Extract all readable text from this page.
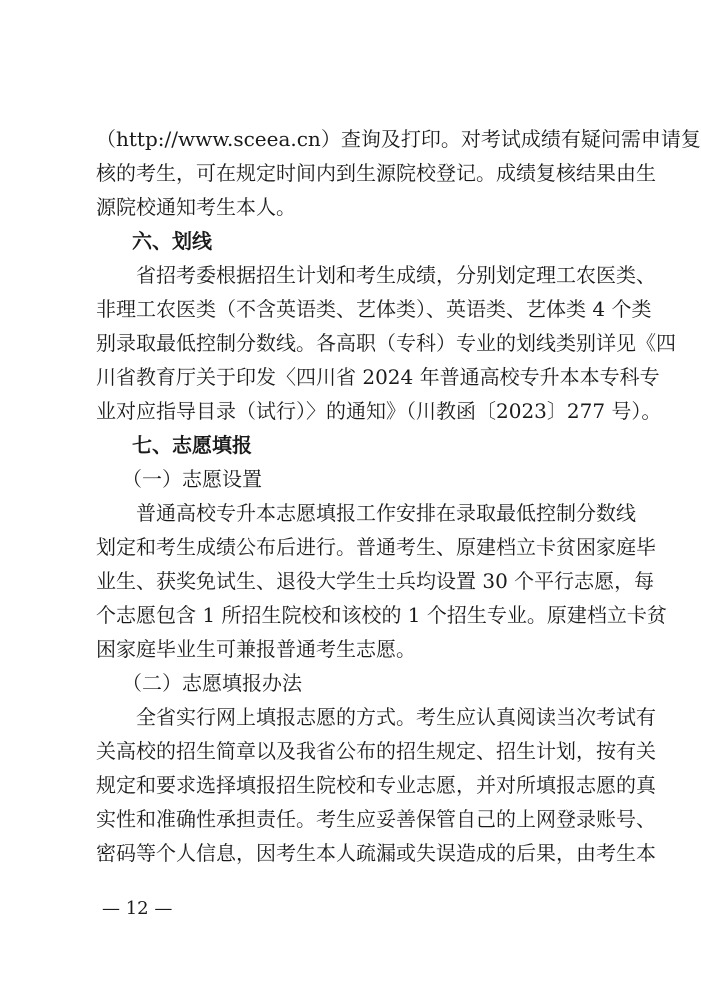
（http://www.sceea.cn）查询及打印。对考试成绩有疑问需申请复
核的考生，可在规定时间内到生源院校登记。成绩复核结果由生
源院校通知考生本人。
六、划线
省招考委根据招生计划和考生成绩，分别划定理工农医类、
非理工农医类（不含英语类、艺体类）、英语类、艺体类 4 个类
别录取最低控制分数线。各高职（专科）专业的划线类别详见《四
川省教育厅关于印发〈四川省 2024 年普通高校专升本本专科专
业对应指导目录（试行）〉的通知》（川教函〔2023〕277 号）。
七、志愿填报
（一）志愿设置
普通高校专升本志愿填报工作安排在录取最低控制分数线
划定和考生成绩公布后进行。普通考生、原建档立卡贫困家庭毕
业生、获奖免试生、退役大学生士兵均设置 30 个平行志愿，每
个志愿包含 1 所招生院校和该校的 1 个招生专业。原建档立卡贫
困家庭毕业生可兼报普通考生志愿。
（二）志愿填报办法
全省实行网上填报志愿的方式。考生应认真阅读当次考试有
关高校的招生简章以及我省公布的招生规定、招生计划，按有关
规定和要求选择填报招生院校和专业志愿，并对所填报志愿的真
实性和准确性承担责任。考生应妥善保管自己的上网登录账号、
密码等个人信息，因考生本人疏漏或失误造成的后果，由考生本
— 12 —
